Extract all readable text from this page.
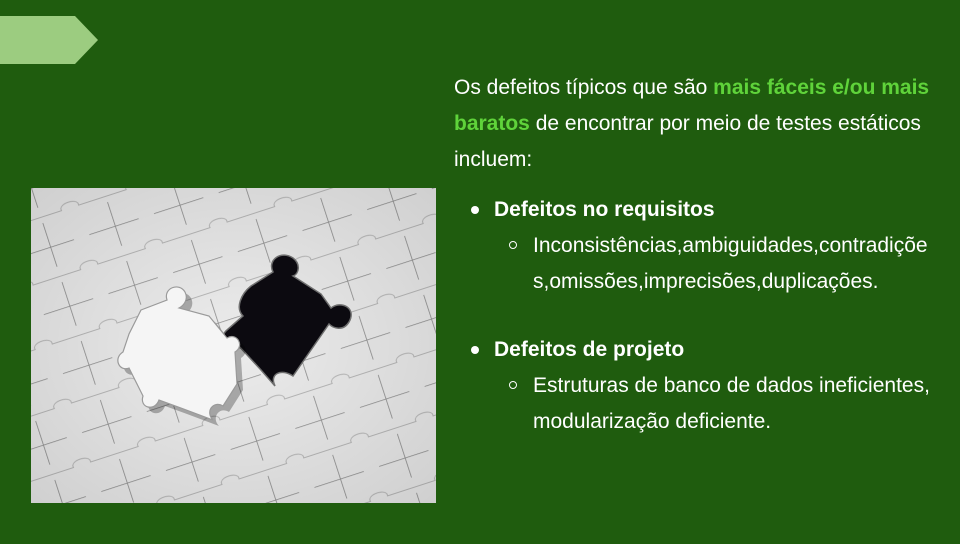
Os defeitos típicos que são mais fáceis e/ou mais baratos de encontrar por meio de testes estáticos incluem:

Defeitos no requisitos
Inconsistências,ambiguidades,contradições,omissões,imprecisões,duplicações.
Defeitos de projeto
Estruturas de banco de dados ineficientes, modularização deficiente.
